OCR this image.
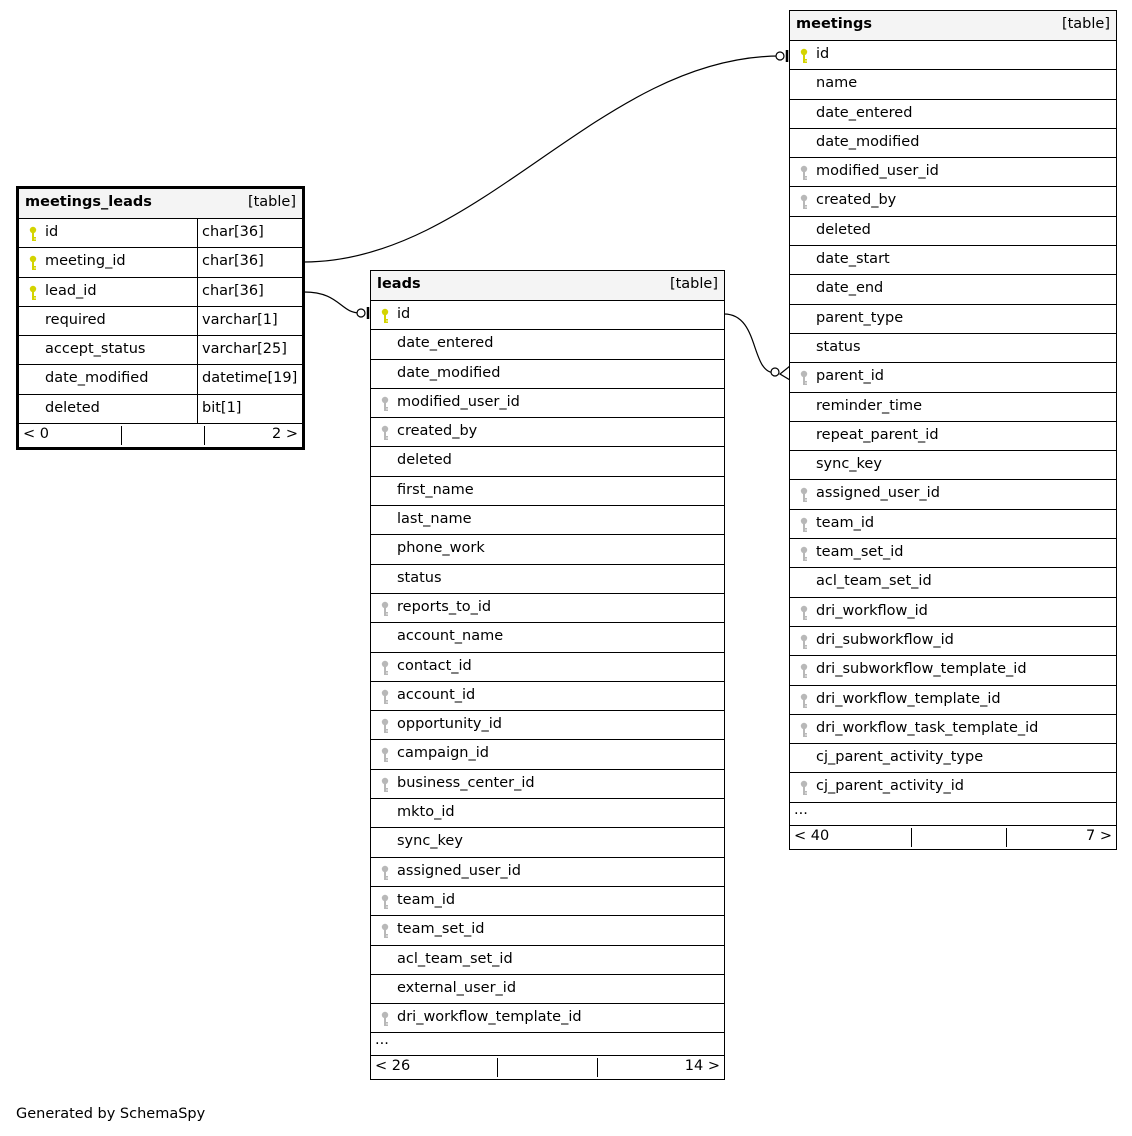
meetings_leads	[table]
id	char[36]
meeting_id	char[36]
lead_id	char[36]
required	varchar[1]
accept_status	varchar[25]
date_modified	datetime[19]
deleted	bit[1]
< 0	2 >
leads	[table]
id
date_entered
date_modified
modified_user_id
created_by
deleted
first_name
last_name
phone_work
status
reports_to_id
account_name
contact_id
account_id
opportunity_id
campaign_id
business_center_id
mkto_id
sync_key
assigned_user_id
team_id
team_set_id
acl_team_set_id
external_user_id
dri_workflow_template_id
...
< 26	14 >
meetings	[table]
id
name
date_entered
date_modified
modified_user_id
created_by
deleted
date_start
date_end
parent_type
status
parent_id
reminder_time
repeat_parent_id
sync_key
assigned_user_id
team_id
team_set_id
acl_team_set_id
dri_workflow_id
dri_subworkflow_id
dri_subworkflow_template_id
dri_workflow_template_id
dri_workflow_task_template_id
cj_parent_activity_type
cj_parent_activity_id
...
< 40	7 >
Generated by SchemaSpy
